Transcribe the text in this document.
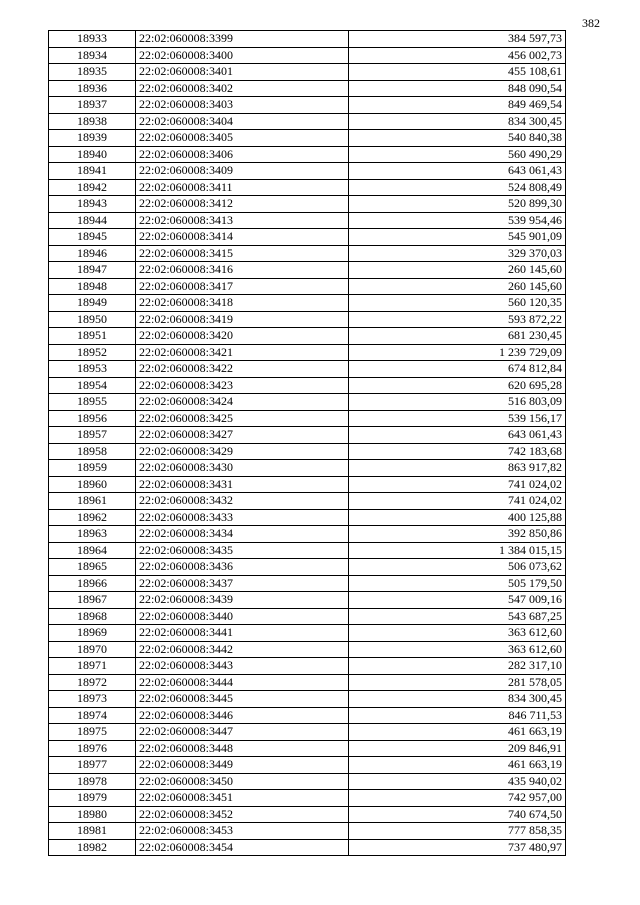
382
18933	22:02:060008:3399	384 597,73
18934	22:02:060008:3400	456 002,73
18935	22:02:060008:3401	455 108,61
18936	22:02:060008:3402	848 090,54
18937	22:02:060008:3403	849 469,54
18938	22:02:060008:3404	834 300,45
18939	22:02:060008:3405	540 840,38
18940	22:02:060008:3406	560 490,29
18941	22:02:060008:3409	643 061,43
18942	22:02:060008:3411	524 808,49
18943	22:02:060008:3412	520 899,30
18944	22:02:060008:3413	539 954,46
18945	22:02:060008:3414	545 901,09
18946	22:02:060008:3415	329 370,03
18947	22:02:060008:3416	260 145,60
18948	22:02:060008:3417	260 145,60
18949	22:02:060008:3418	560 120,35
18950	22:02:060008:3419	593 872,22
18951	22:02:060008:3420	681 230,45
18952	22:02:060008:3421	1 239 729,09
18953	22:02:060008:3422	674 812,84
18954	22:02:060008:3423	620 695,28
18955	22:02:060008:3424	516 803,09
18956	22:02:060008:3425	539 156,17
18957	22:02:060008:3427	643 061,43
18958	22:02:060008:3429	742 183,68
18959	22:02:060008:3430	863 917,82
18960	22:02:060008:3431	741 024,02
18961	22:02:060008:3432	741 024,02
18962	22:02:060008:3433	400 125,88
18963	22:02:060008:3434	392 850,86
18964	22:02:060008:3435	1 384 015,15
18965	22:02:060008:3436	506 073,62
18966	22:02:060008:3437	505 179,50
18967	22:02:060008:3439	547 009,16
18968	22:02:060008:3440	543 687,25
18969	22:02:060008:3441	363 612,60
18970	22:02:060008:3442	363 612,60
18971	22:02:060008:3443	282 317,10
18972	22:02:060008:3444	281 578,05
18973	22:02:060008:3445	834 300,45
18974	22:02:060008:3446	846 711,53
18975	22:02:060008:3447	461 663,19
18976	22:02:060008:3448	209 846,91
18977	22:02:060008:3449	461 663,19
18978	22:02:060008:3450	435 940,02
18979	22:02:060008:3451	742 957,00
18980	22:02:060008:3452	740 674,50
18981	22:02:060008:3453	777 858,35
18982	22:02:060008:3454	737 480,97
